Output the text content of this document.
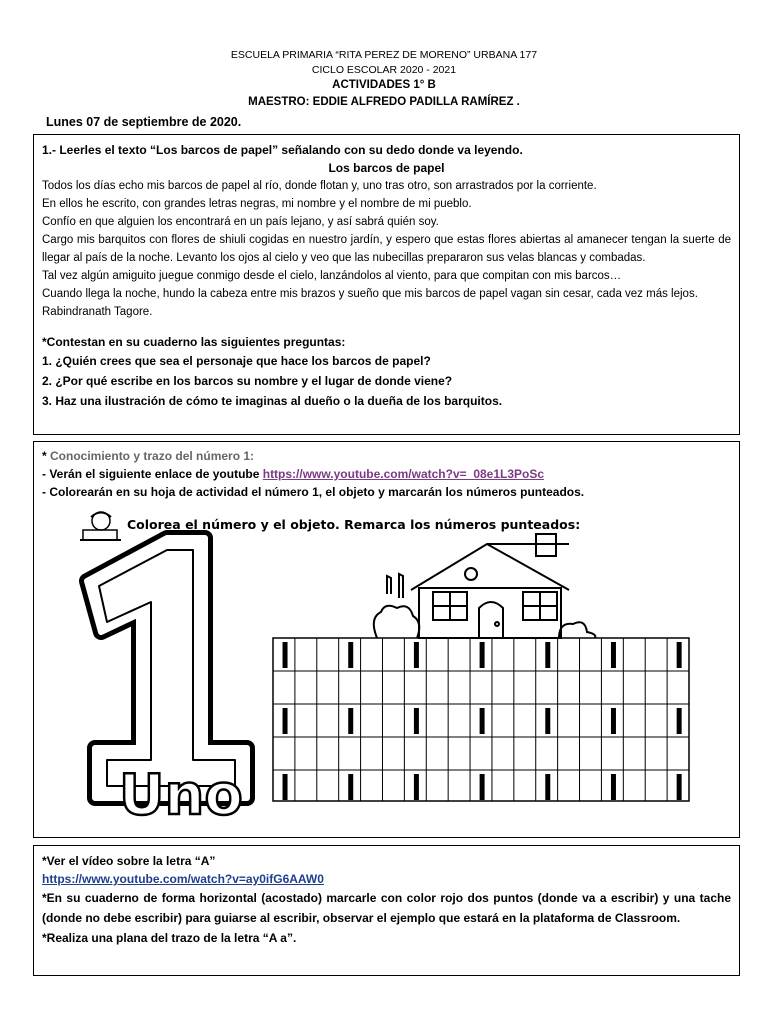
ESCUELA PRIMARIA “RITA PEREZ DE MORENO” URBANA 177
CICLO ESCOLAR 2020 - 2021
ACTIVIDADES 1° B
MAESTRO: EDDIE ALFREDO PADILLA RAMÍREZ .
Lunes 07 de septiembre de 2020.
1.- Leerles el texto “Los barcos de papel” señalando con su dedo donde va leyendo.
Los barcos de papel
Todos los días echo mis barcos de papel al río, donde flotan y, uno tras otro, son arrastrados por la corriente.
En ellos he escrito, con grandes letras negras, mi nombre y el nombre de mi pueblo.
Confío en que alguien los encontrará en un país lejano, y así sabrá quién soy.
Cargo mis barquitos con flores de shiuli cogidas en nuestro jardín, y espero que estas flores abiertas al amanecer tengan la suerte de llegar al país de la noche. Levanto los ojos al cielo y veo que las nubecillas prepararon sus velas blancas y combadas.
Tal vez algún amiguito juegue conmigo desde el cielo, lanzándolos al viento, para que compitan con mis barcos…
Cuando llega la noche, hundo la cabeza entre mis brazos y sueño que mis barcos de papel vagan sin cesar, cada vez más lejos.
Rabindranath Tagore.
*Contestan en su cuaderno las siguientes preguntas:
1. ¿Quién crees que sea el personaje que hace los barcos de papel?
2. ¿Por qué escribe en los barcos su nombre y el lugar de donde viene?
3. Haz una ilustración de cómo te imaginas al dueño o la dueña de los barquitos.
* Conocimiento y trazo del número 1:
- Verán el siguiente enlace de youtube https://www.youtube.com/watch?v=_08e1L3PoSc
- Colorearán en su hoja de actividad el número 1, el objeto y marcarán los números punteados.
Colorea el número y el objeto. Remarca los números punteados:
Uno
*Ver el vídeo sobre la letra “A”
https://www.youtube.com/watch?v=ay0ifG6AAW0
*En su cuaderno de forma horizontal (acostado) marcarle con color rojo dos puntos (donde va a escribir) y una tache (donde no debe escribir) para guiarse al escribir, observar el ejemplo que estará en la plataforma de Classroom.
*Realiza una plana del trazo de la letra “A a”.
